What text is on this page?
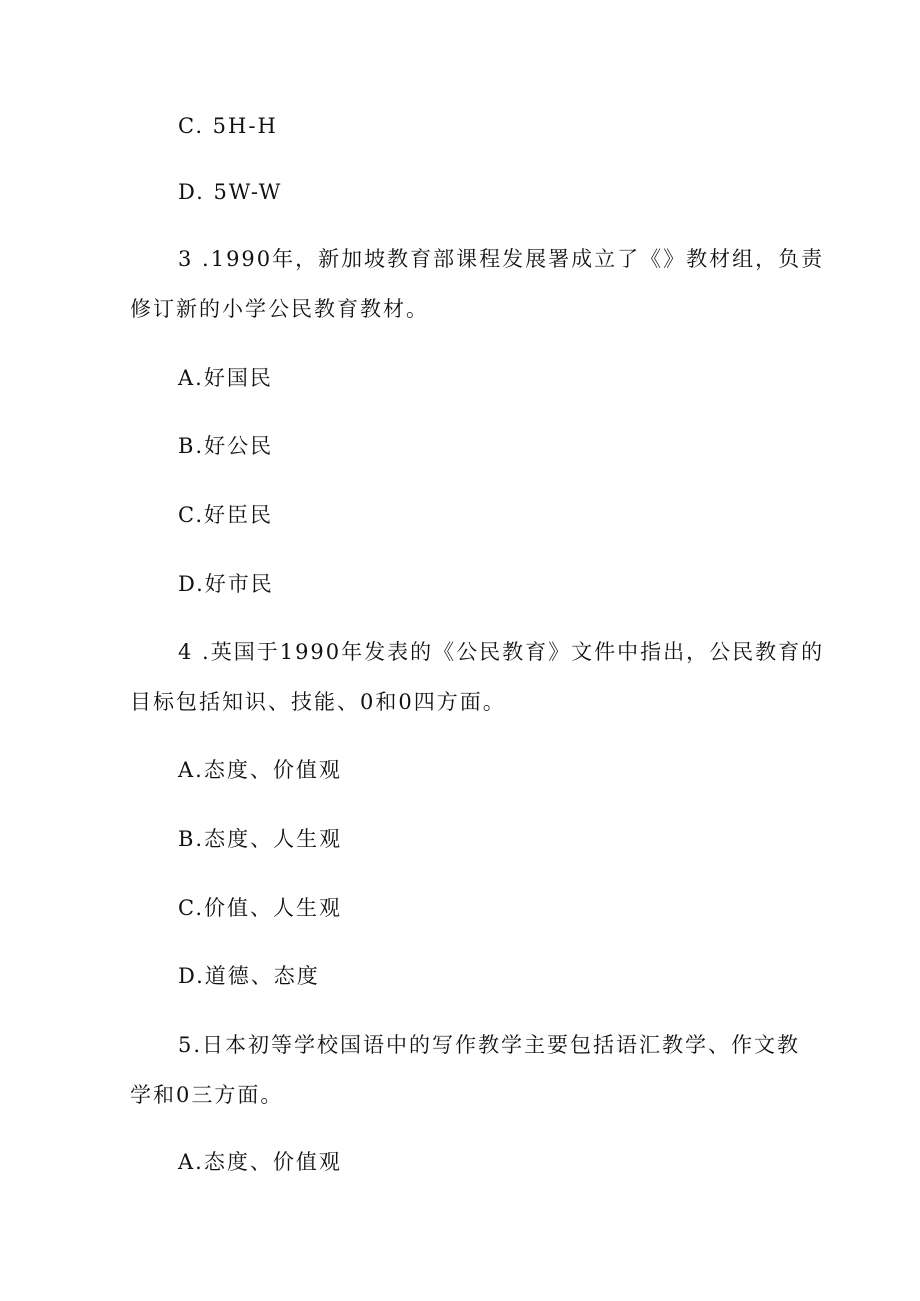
C. 5H-H
D. 5W-W
3 .1990年，新加坡教育部课程发展署成立了《》教材组，负责
修订新的小学公民教育教材。
A.好国民
B.好公民
C.好臣民
D.好市民
4 .英国于1990年发表的《公民教育》文件中指出，公民教育的
目标包括知识、技能、0和0四方面。
A.态度、价值观
B.态度、人生观
C.价值、人生观
D.道德、态度
5.日本初等学校国语中的写作教学主要包括语汇教学、作文教
学和0三方面。
A.态度、价值观
